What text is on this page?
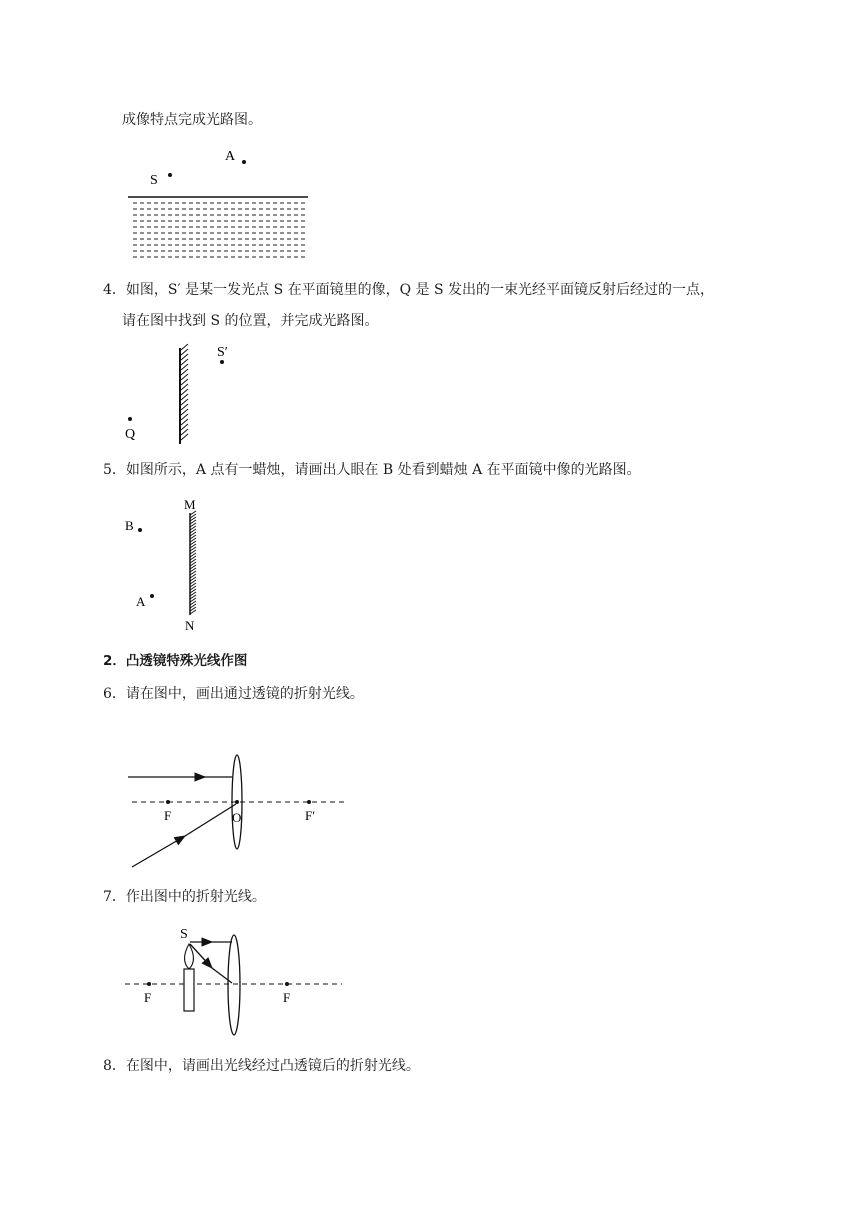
成像特点完成光路图。
4．如图，S′ 是某一发光点 S 在平面镜里的像，Q 是 S 发出的一束光经平面镜反射后经过的一点，
请在图中找到 S 的位置，并完成光路图。
5．如图所示，A 点有一蜡烛，请画出人眼在 B 处看到蜡烛 A 在平面镜中像的光路图。
2．凸透镜特殊光线作图
6．请在图中，画出通过透镜的折射光线。
7．作出图中的折射光线。
8．在图中，请画出光线经过凸透镜后的折射光线。
A
S
S′
Q
M
N
B
A
F	O	F′
S
F	F
